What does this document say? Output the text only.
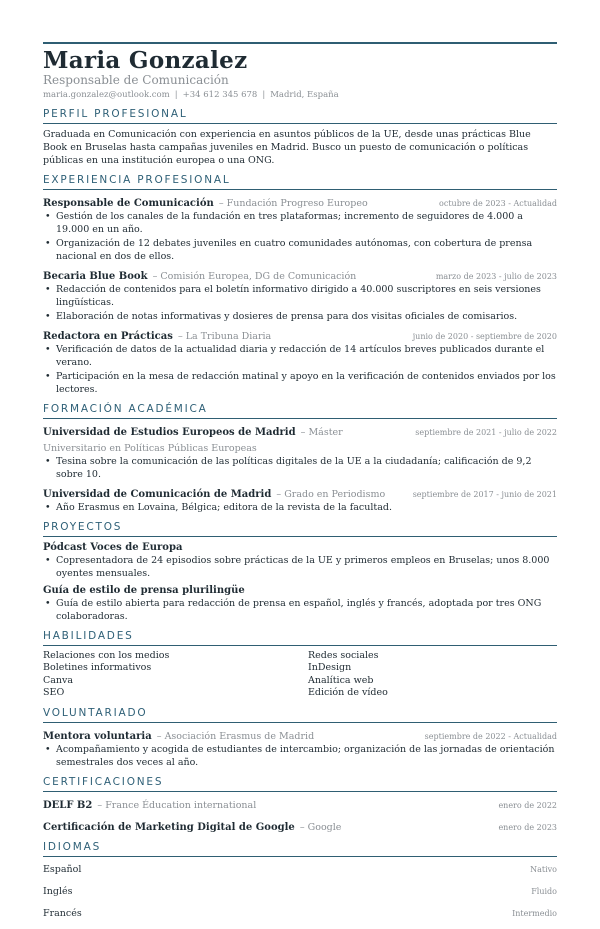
Maria Gonzalez
Responsable de Comunicación
maria.gonzalez@outlook.com | +34 612 345 678 | Madrid, España
PERFIL PROFESIONAL
Graduada en Comunicación con experiencia en asuntos públicos de la UE, desde unas prácticas Blue Book en Bruselas hasta campañas juveniles en Madrid. Busco un puesto de comunicación o políticas públicas en una institución europea o una ONG.
EXPERIENCIA PROFESIONAL
Responsable de Comunicación – Fundación Progreso Europeo	octubre de 2023 - Actualidad
• Gestión de los canales de la fundación en tres plataformas; incremento de seguidores de 4.000 a 19.000 en un año.
• Organización de 12 debates juveniles en cuatro comunidades autónomas, con cobertura de prensa nacional en dos de ellos.
Becaria Blue Book – Comisión Europea, DG de Comunicación	marzo de 2023 - julio de 2023
• Redacción de contenidos para el boletín informativo dirigido a 40.000 suscriptores en seis versiones lingüísticas.
• Elaboración de notas informativas y dosieres de prensa para dos visitas oficiales de comisarios.
Redactora en Prácticas – La Tribuna Diaria	junio de 2020 - septiembre de 2020
• Verificación de datos de la actualidad diaria y redacción de 14 artículos breves publicados durante el verano.
• Participación en la mesa de redacción matinal y apoyo en la verificación de contenidos enviados por los lectores.
FORMACIÓN ACADÉMICA
Universidad de Estudios Europeos de Madrid – Máster Universitario en Políticas Públicas Europeas
septiembre de 2021 - julio de 2022
• Tesina sobre la comunicación de las políticas digitales de la UE a la ciudadanía; calificación de 9,2 sobre 10.
Universidad de Comunicación de Madrid – Grado en Periodismo	septiembre de 2017 - junio de 2021
• Año Erasmus en Lovaina, Bélgica; editora de la revista de la facultad.
PROYECTOS
Pódcast Voces de Europa
• Copresentadora de 24 episodios sobre prácticas de la UE y primeros empleos en Bruselas; unos 8.000 oyentes mensuales.
Guía de estilo de prensa plurilingüe
• Guía de estilo abierta para redacción de prensa en español, inglés y francés, adoptada por tres ONG colaboradoras.
HABILIDADES
Relaciones con los medios	Redes sociales
Boletines informativos	InDesign
Canva	Analítica web
SEO	Edición de vídeo
VOLUNTARIADO
Mentora voluntaria – Asociación Erasmus de Madrid	septiembre de 2022 - Actualidad
• Acompañamiento y acogida de estudiantes de intercambio; organización de las jornadas de orientación semestrales dos veces al año.
CERTIFICACIONES
DELF B2 – France Éducation international	enero de 2022
Certificación de Marketing Digital de Google – Google	enero de 2023
IDIOMAS
Español	Nativo
Inglés	Fluido
Francés	Intermedio
